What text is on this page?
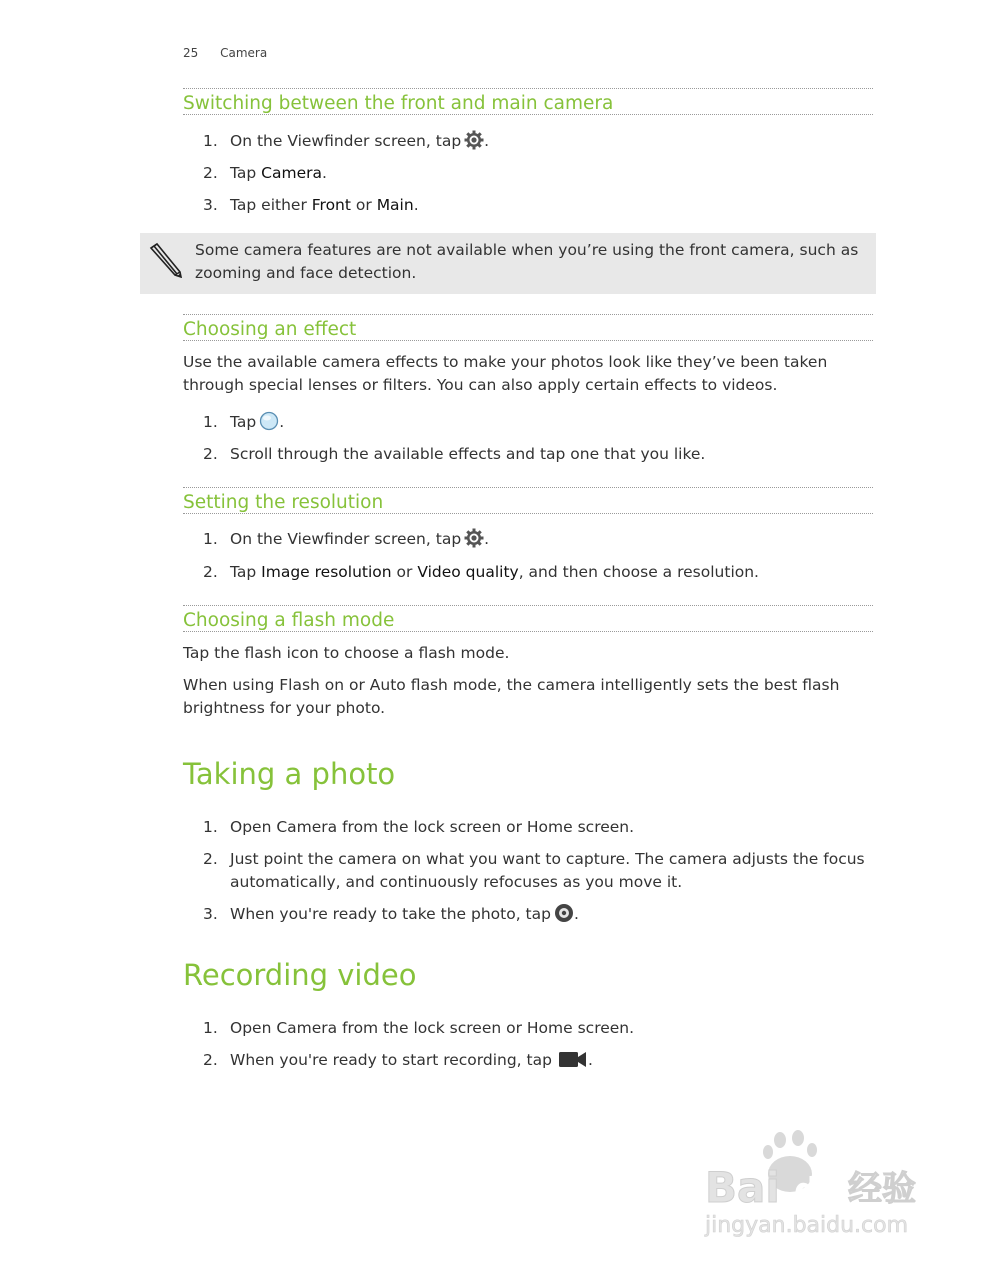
25 Camera
Switching between the front and main camera
1. On the Viewfinder screen, tap .
2. Tap Camera.
3. Tap either Front or Main.
Some camera features are not available when you’re using the front camera, such as zooming and face detection.
Choosing an effect
Use the available camera effects to make your photos look like they’ve been taken through special lenses or filters. You can also apply certain effects to videos.
1. Tap .
2. Scroll through the available effects and tap one that you like.
Setting the resolution
1. On the Viewfinder screen, tap .
2. Tap Image resolution or Video quality, and then choose a resolution.
Choosing a flash mode
Tap the flash icon to choose a flash mode.
When using Flash on or Auto flash mode, the camera intelligently sets the best flash brightness for your photo.
Taking a photo
1. Open Camera from the lock screen or Home screen.
2. Just point the camera on what you want to capture. The camera adjusts the focus automatically, and continuously refocuses as you move it.
3. When you're ready to take the photo, tap .
Recording video
1. Open Camera from the lock screen or Home screen.
2. When you're ready to start recording, tap .
Bai du 经验
jingyan.baidu.com
